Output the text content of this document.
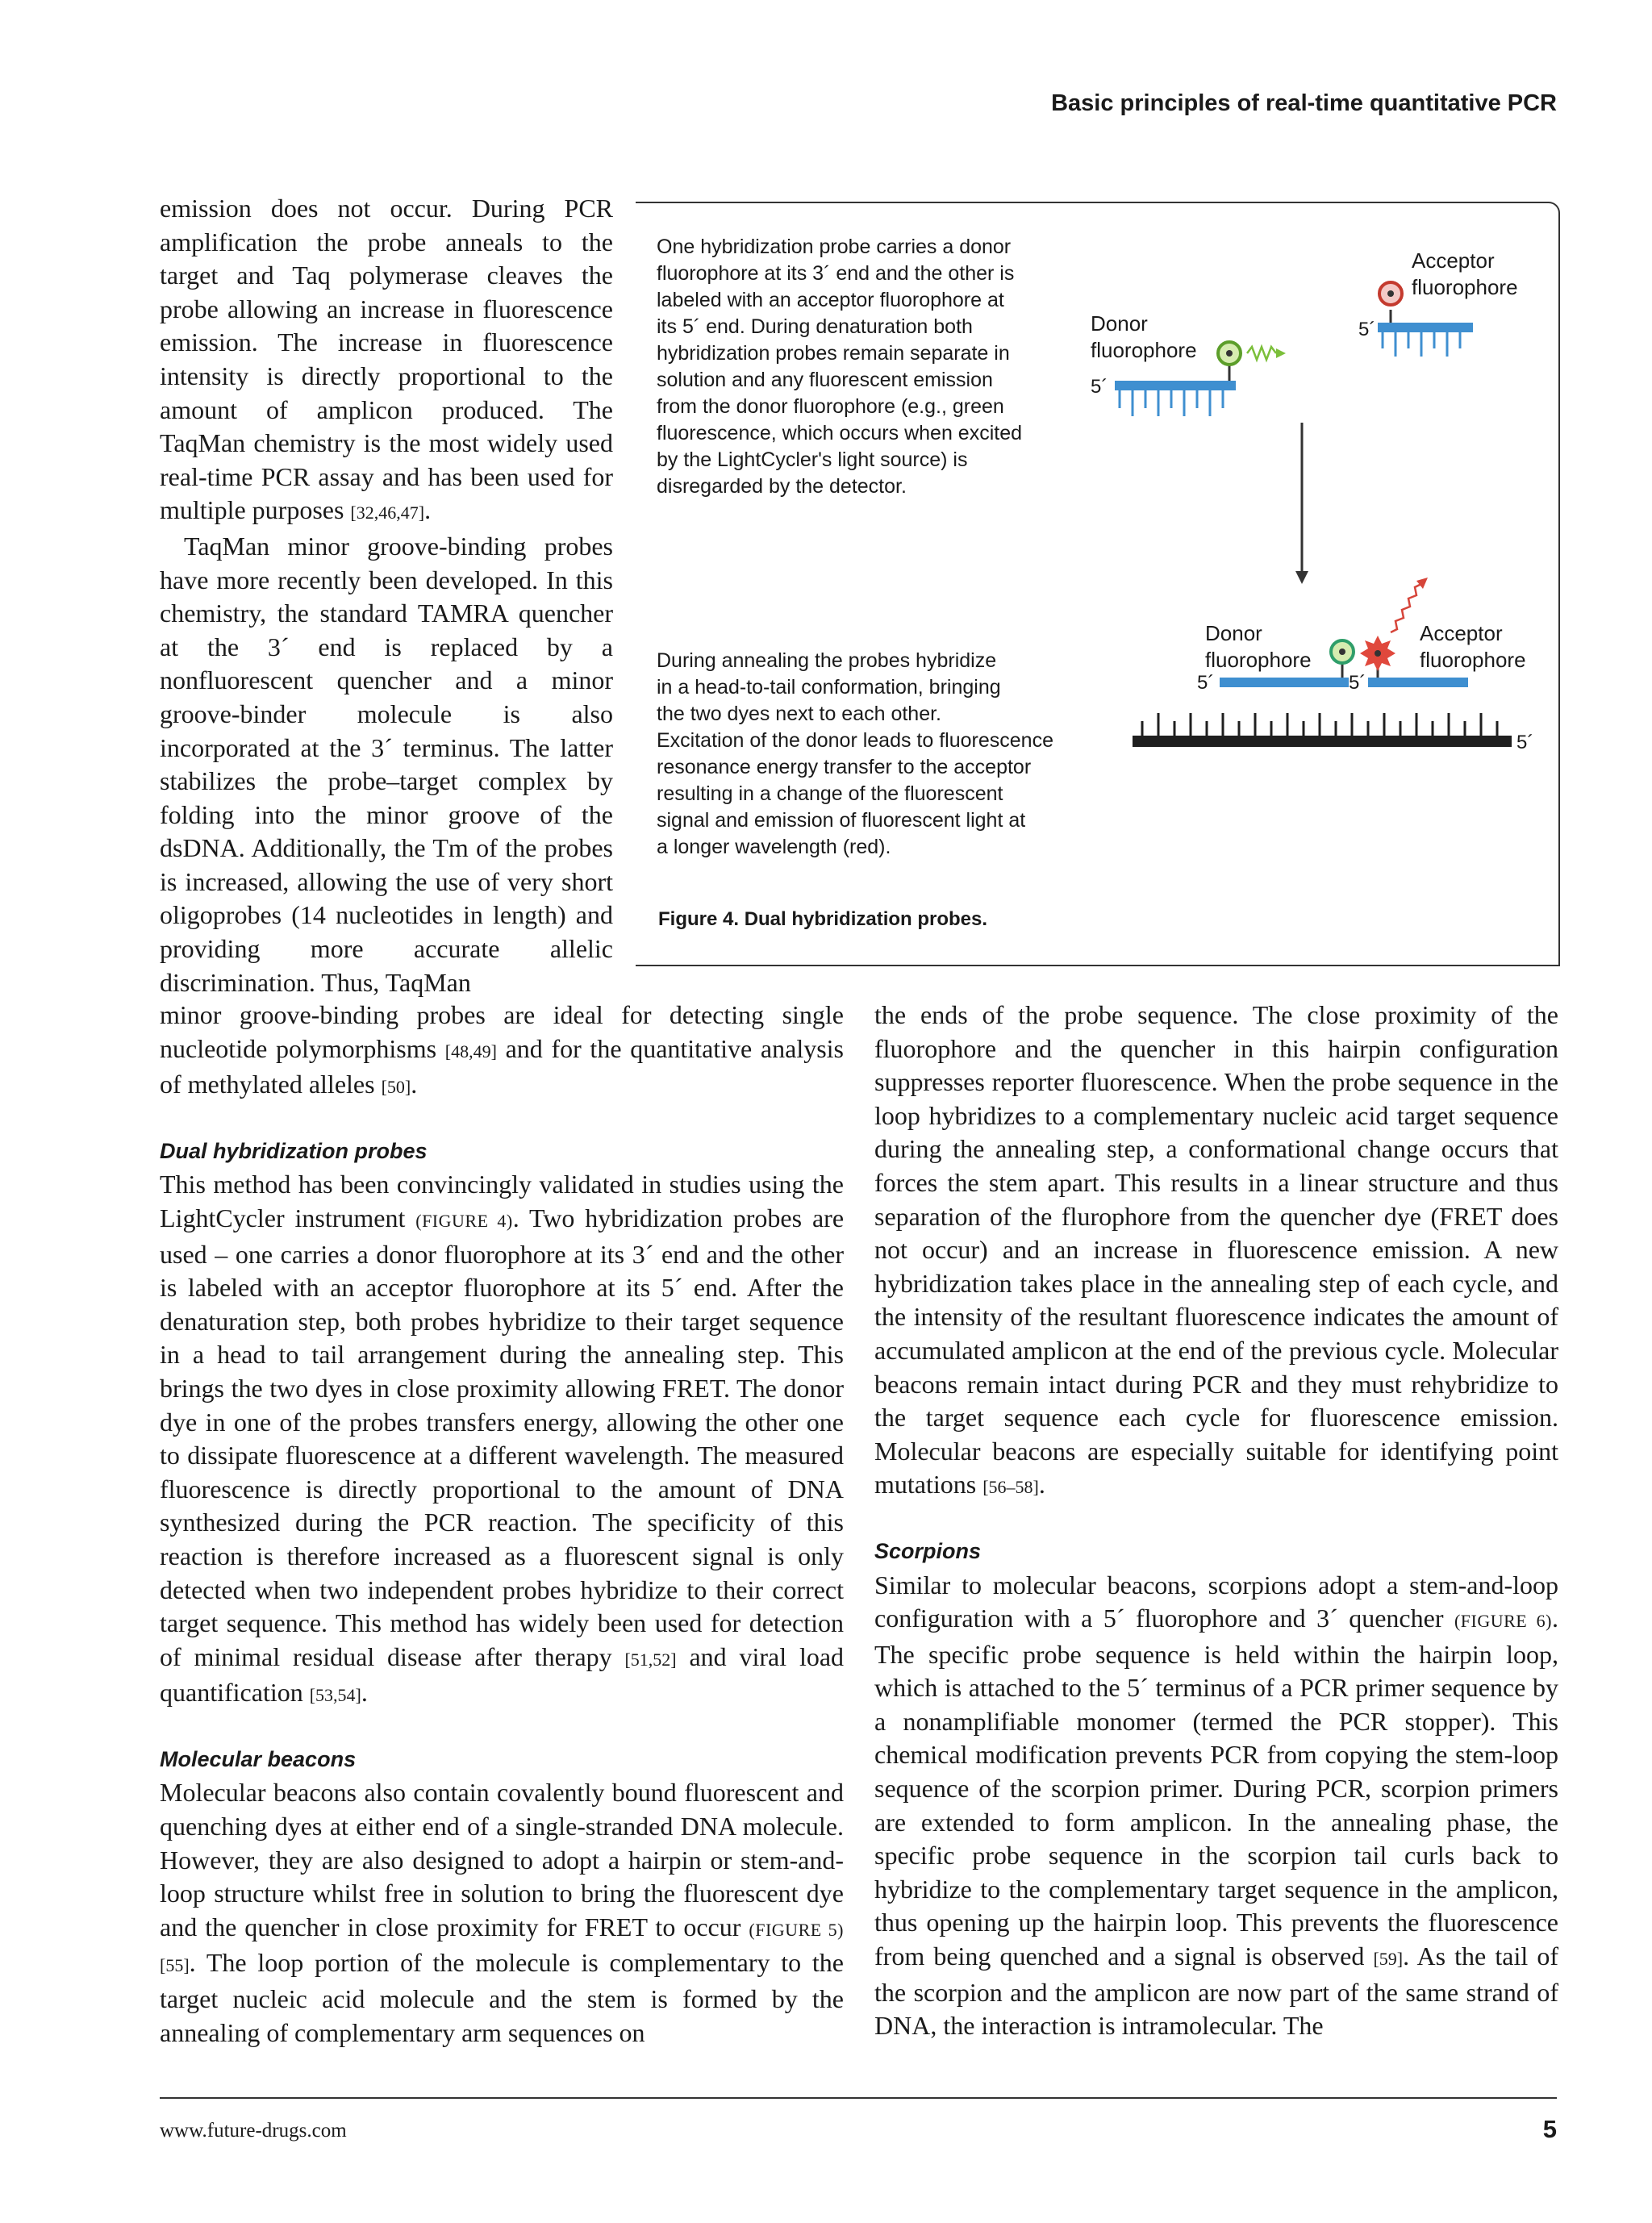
Basic principles of real-time quantitative PCR

emission does not occur. During PCR amplification the probe anneals to the target and Taq polymerase cleaves the probe allowing an increase in fluorescence emission. The increase in fluorescence intensity is directly proportional to the amount of amplicon produced. The TaqMan chemistry is the most widely used real-time PCR assay and has been used for multiple purposes [32,46,47].

TaqMan minor groove-binding probes have more recently been developed. In this chemistry, the standard TAMRA quencher at the 3´ end is replaced by a nonfluorescent quencher and a minor groove-binder molecule is also incorporated at the 3´ terminus. The latter stabilizes the probe–target complex by folding into the minor groove of the dsDNA. Additionally, the Tm of the probes is increased, allowing the use of very short oligoprobes (14 nucleotides in length) and providing more accurate allelic discrimination. Thus, TaqMan

One hybridization probe carries a donor
fluorophore at its 3´ end and the other is
labeled with an acceptor fluorophore at
its 5´ end. During denaturation both
hybridization probes remain separate in
solution and any fluorescent emission
from the donor fluorophore (e.g., green
fluorescence, which occurs when excited
by the LightCycler's light source) is
disregarded by the detector.
During annealing the probes hybridize
in a head-to-tail conformation, bringing
the two dyes next to each other.
Excitation of the donor leads to fluorescence
resonance energy transfer to the acceptor
resulting in a change of the fluorescent
signal and emission of fluorescent light at
a longer wavelength (red).
Figure 4. Dual hybridization probes.
Donor
fluorophore
5´
Acceptor
fluorophore
5´
Donor
fluorophore
Acceptor
fluorophore
5´	5´
5´

minor groove-binding probes are ideal for detecting single nucleotide polymorphisms [48,49] and for the quantitative analysis of methylated alleles [50].

Dual hybridization probes

This method has been convincingly validated in studies using the LightCycler instrument (FIGURE 4). Two hybridization probes are used – one carries a donor fluorophore at its 3´ end and the other is labeled with an acceptor fluorophore at its 5´ end. After the denaturation step, both probes hybridize to their target sequence in a head to tail arrangement during the annealing step. This brings the two dyes in close proximity allowing FRET. The donor dye in one of the probes transfers energy, allowing the other one to dissipate fluorescence at a different wavelength. The measured fluorescence is directly proportional to the amount of DNA synthesized during the PCR reaction. The specificity of this reaction is therefore increased as a fluorescent signal is only detected when two independent probes hybridize to their correct target sequence. This method has widely been used for detection of minimal residual disease after therapy [51,52] and viral load quantification [53,54].

Molecular beacons

Molecular beacons also contain covalently bound fluorescent and quenching dyes at either end of a single-stranded DNA molecule. However, they are also designed to adopt a hairpin or stem-and-loop structure whilst free in solution to bring the fluorescent dye and the quencher in close proximity for FRET to occur (FIGURE 5) [55]. The loop portion of the molecule is complementary to the target nucleic acid molecule and the stem is formed by the annealing of complementary arm sequences on

the ends of the probe sequence. The close proximity of the fluorophore and the quencher in this hairpin configuration suppresses reporter fluorescence. When the probe sequence in the loop hybridizes to a complementary nucleic acid target sequence during the annealing step, a conformational change occurs that forces the stem apart. This results in a linear structure and thus separation of the flurophore from the quencher dye (FRET does not occur) and an increase in fluorescence emission. A new hybridization takes place in the annealing step of each cycle, and the intensity of the resultant fluorescence indicates the amount of accumulated amplicon at the end of the previous cycle. Molecular beacons remain intact during PCR and they must rehybridize to the target sequence each cycle for fluorescence emission. Molecular beacons are especially suitable for identifying point mutations [56–58].

Scorpions

Similar to molecular beacons, scorpions adopt a stem-and-loop configuration with a 5´ fluorophore and 3´ quencher (FIGURE 6). The specific probe sequence is held within the hairpin loop, which is attached to the 5´ terminus of a PCR primer sequence by a nonamplifiable monomer (termed the PCR stopper). This chemical modification prevents PCR from copying the stem-loop sequence of the scorpion primer. During PCR, scorpion primers are extended to form amplicon. In the annealing phase, the specific probe sequence in the scorpion tail curls back to hybridize to the complementary target sequence in the amplicon, thus opening up the hairpin loop. This prevents the fluorescence from being quenched and a signal is observed [59]. As the tail of the scorpion and the amplicon are now part of the same strand of DNA, the interaction is intramolecular. The

www.future-drugs.com	5
